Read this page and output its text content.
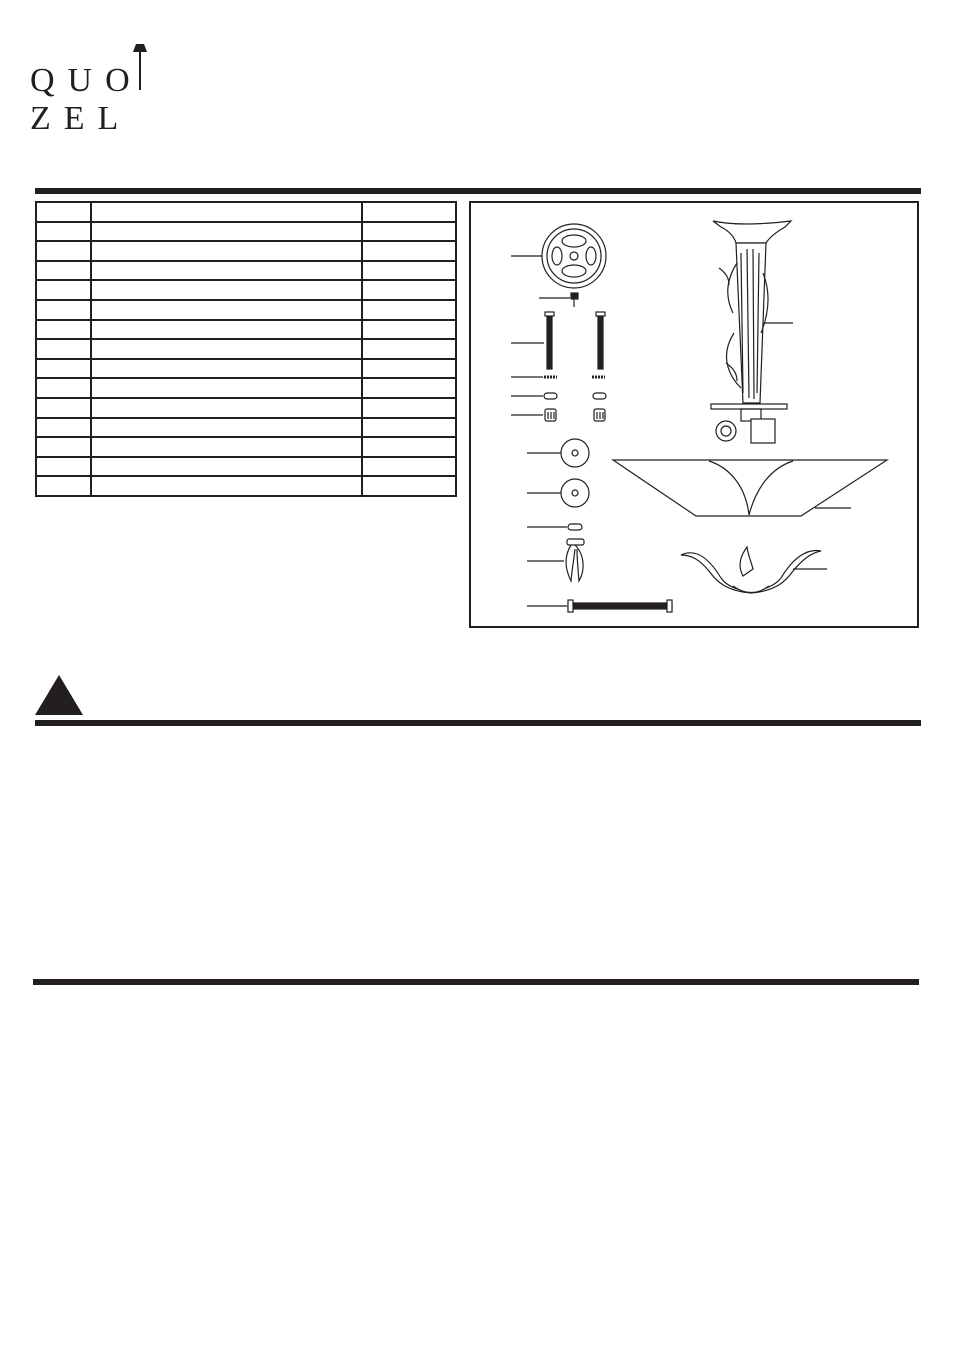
QUOZEL
